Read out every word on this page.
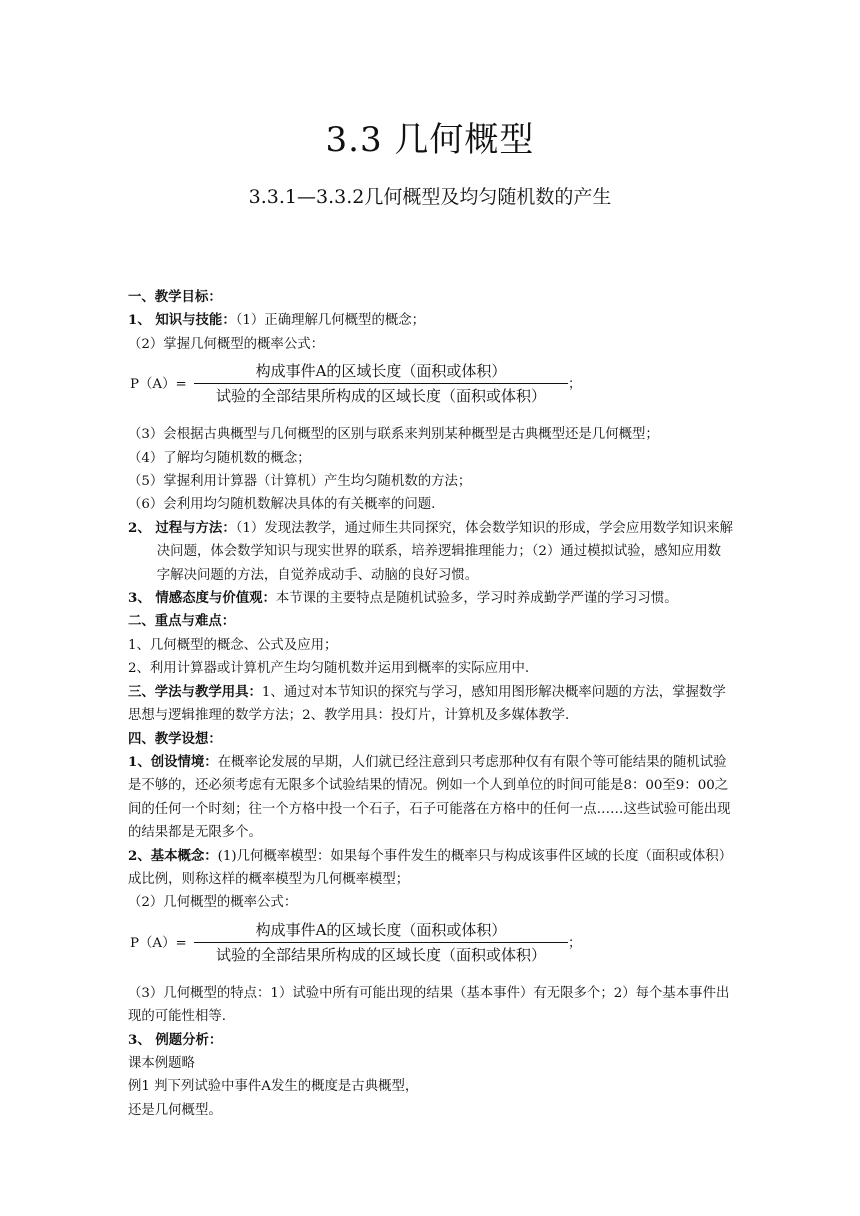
3.3 几何概型
3.3.1—3.3.2几何概型及均匀随机数的产生

一、教学目标：

1、 知识与技能：（1）正确理解几何概型的概念；

（2）掌握几何概型的概率公式：

P（A）=
构成事件A的区域长度（面积或体积）
试验的全部结果所构成的区域长度（面积或体积）
；

（3）会根据古典概型与几何概型的区别与联系来判别某种概型是古典概型还是几何概型；

（4）了解均匀随机数的概念；

（5）掌握利用计算器（计算机）产生均匀随机数的方法；

（6）会利用均匀随机数解决具体的有关概率的问题.

2、 过程与方法：（1）发现法教学，通过师生共同探究，体会数学知识的形成，学会应用数学知识来解决问题，体会数学知识与现实世界的联系，培养逻辑推理能力；（2）通过模拟试验，感知应用数字解决问题的方法，自觉养成动手、动脑的良好习惯。

3、 情感态度与价值观：本节课的主要特点是随机试验多，学习时养成勤学严谨的学习习惯。

二、重点与难点：

1、几何概型的概念、公式及应用；

2、利用计算器或计算机产生均匀随机数并运用到概率的实际应用中.

三、学法与教学用具：1、通过对本节知识的探究与学习，感知用图形解决概率问题的方法，掌握数学思想与逻辑推理的数学方法；2、教学用具：投灯片，计算机及多媒体教学.

四、教学设想：

1、创设情境：在概率论发展的早期，人们就已经注意到只考虑那种仅有有限个等可能结果的随机试验是不够的，还必须考虑有无限多个试验结果的情况。例如一个人到单位的时间可能是8：00至9：00之间的任何一个时刻；往一个方格中投一个石子，石子可能落在方格中的任何一点……这些试验可能出现的结果都是无限多个。

2、基本概念：(1)几何概率模型：如果每个事件发生的概率只与构成该事件区域的长度（面积或体积）成比例，则称这样的概率模型为几何概率模型；

（2）几何概型的概率公式：

P（A）=
构成事件A的区域长度（面积或体积）
试验的全部结果所构成的区域长度（面积或体积）
；

（3）几何概型的特点：1）试验中所有可能出现的结果（基本事件）有无限多个；2）每个基本事件出现的可能性相等.

3、 例题分析：

课本例题略

例1 判下列试验中事件A发生的概度是古典概型，

还是几何概型。
